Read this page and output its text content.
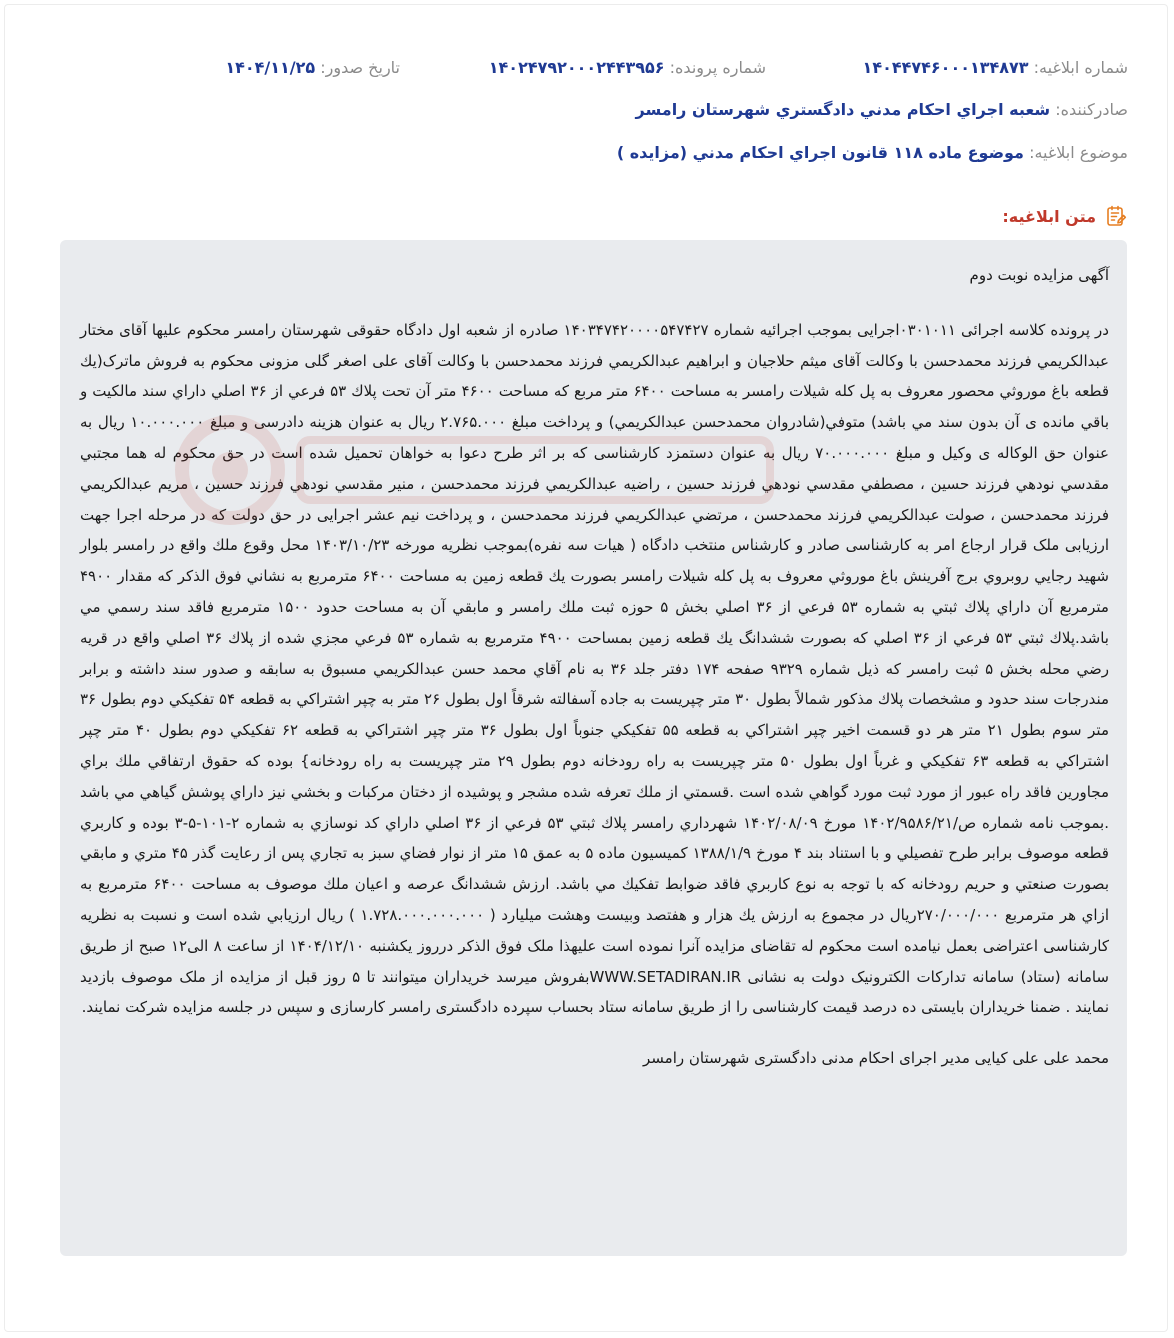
شماره ابلاغيه: ۱۴۰۴۴۷۴۶۰۰۰۱۳۴۸۷۳
شماره پرونده: ۱۴۰۲۴۷۹۲۰۰۰۲۴۴۳۹۵۶
تاريخ صدور: ۱۴۰۴/۱۱/۲۵
صادرکننده: شعبه اجراي احكام مدني دادگستري شهرستان رامسر
موضوع ابلاغيه: موضوع ماده ۱۱۸ قانون اجراي احكام مدني (مزايده )
متن ابلاغيه:

آگهی مزایده نوبت دوم

در پرونده کلاسه اجرائی ۰۳۰۱۰۱۱اجرایی بموجب اجرائیه شماره ۱۴۰۳۴۷۴۲۰۰۰۰۵۴۷۴۲۷ صادره از شعبه اول دادگاه حقوقی شهرستان رامسر محکوم علیها آقای مختار عبدالکريمي فرزند محمدحسن با وکالت آقای میثم حلاجیان و ابراهیم عبدالکريمي فرزند محمدحسن با وکالت آقای علی اصغر گلی مزونی محکوم به فروش ماترک(يك قطعه باغ موروثي محصور معروف به پل كله شيلات رامسر به مساحت ۶۴۰۰ متر مربع كه مساحت ۴۶۰۰ متر آن تحت پلاك ۵۳ فرعي از ۳۶ اصلي داراي سند مالكيت و باقي مانده ی آن بدون سند مي باشد) متوفي(شادروان محمدحسن عبدالکريمي) و پرداخت مبلغ ۲.۷۶۵.۰۰۰ ريال به عنوان هزينه دادرسی و مبلغ ۱۰.۰۰۰.۰۰۰ ريال به عنوان حق الوکاله ی وکيل و مبلغ ۷۰.۰۰۰.۰۰۰ ريال به عنوان دستمزد کارشناسی که بر اثر طرح دعوا به خواهان تحمیل شده است در حق محکوم له هما مجتبي مقدسي نودهي فرزند حسين ، مصطفي مقدسي نودهي فرزند حسين ، راضيه عبدالكريمي فرزند محمدحسن ، منير مقدسي نودهي فرزند حسين ، مريم عبدالكريمي فرزند محمدحسن ، صولت عبدالكريمي فرزند محمدحسن ، مرتضي عبدالكريمي فرزند محمدحسن ، و پرداخت نیم عشر اجرایی در حق دولت که در مرحله اجرا جهت ارزیابی ملک قرار ارجاع امر به کارشناسی صادر و کارشناس منتخب دادگاه ( هیات سه نفره)بموجب نظریه مورخه ۱۴۰۳/۱۰/۲۳ محل وقوع ملك واقع در رامسر بلوار شهيد رجايي روبروي برج آفرينش باغ موروثي معروف به پل كله شيلات رامسر بصورت يك قطعه زمين به مساحت ۶۴۰۰ مترمربع به نشاني فوق الذكر كه مقدار ۴۹۰۰ مترمربع آن داراي پلاك ثبتي به شماره ۵۳ فرعي از ۳۶ اصلي بخش ۵ حوزه ثبت ملك رامسر و مابقي آن به مساحت حدود ۱۵۰۰ مترمربع فاقد سند رسمي مي باشد.پلاك ثبتي ۵۳ فرعي از ۳۶ اصلي كه بصورت ششدانگ يك قطعه زمين بمساحت ۴۹۰۰ مترمربع به شماره ۵۳ فرعي مجزي شده از پلاك ۳۶ اصلي واقع در قريه رضي محله بخش ۵ ثبت رامسر كه ذيل شماره ۹۳۲۹ صفحه ۱۷۴ دفتر جلد ۳۶ به نام آقاي محمد حسن عبدالكريمي مسبوق به سابقه و صدور سند داشته و برابر مندرجات سند حدود و مشخصات پلاك مذكور شمالاً بطول ۳۰ متر چپريست به جاده آسفالته شرقاً اول بطول ۲۶ متر به چپر اشتراكي به قطعه ۵۴ تفكيكي دوم بطول ۳۶ متر سوم بطول ۲۱ متر هر دو قسمت اخير چپر اشتراكي به قطعه ۵۵ تفكيكي جنوباً اول بطول ۳۶ متر چپر اشتراكي به قطعه ۶۲ تفكيكي دوم بطول ۴۰ متر چپر اشتراكي به قطعه ۶۳ تفكيكي و غرباً اول بطول ۵۰ متر چپريست به راه رودخانه دوم بطول ۲۹ متر چپريست به راه رودخانه} بوده كه حقوق ارتفاقي ملك براي مجاورين فاقد راه عبور از مورد ثبت مورد گواهي شده است .قسمتي از ملك تعرفه شده مشجر و پوشيده از دختان مركبات و بخشي نيز داراي پوشش گياهي مي باشد .بموجب نامه شماره ص/۱۴۰۲/۹۵۸۶/۲۱ مورخ ۱۴۰۲/۰۸/۰۹ شهرداري رامسر پلاك ثبتي ۵۳ فرعي از ۳۶ اصلي داراي كد نوسازي به شماره ۲-۱۰۱-۵-۳ بوده و كاربري قطعه موصوف برابر طرح تفصيلي و با استناد بند ۴ مورخ ۱۳۸۸/۱/۹ كميسيون ماده ۵ به عمق ۱۵ متر از نوار فضاي سبز به تجاري پس از رعايت گذر ۴۵ متري و مابقي بصورت صنعتي و حريم رودخانه كه با توجه به نوع كاربري فاقد ضوابط تفكيك مي باشد. ارزش ششدانگ عرصه و اعيان ملك موصوف به مساحت ۶۴۰۰ مترمربع به ازاي هر مترمربع ۲۷۰/۰۰۰/۰۰۰ريال در مجموع به ارزش يك هزار و هفتصد وبيست وهشت ميليارد ( ۱.۷۲۸.۰۰۰.۰۰۰.۰۰۰ ) ريال ارزيابي شده است و نسبت به نظریه کارشناسی اعتراضی بعمل نیامده است محکوم له تقاضای مزایده آنرا نموده است علیهذا ملک فوق الذکر درروز يكشنبه ۱۴۰۴/۱۲/۱۰ از ساعت ۸ الی۱۲ صبح از طریق سامانه (ستاد) سامانه تدارکات الکترونیک دولت به نشانی WWW.SETADIRAN.IRبفروش میرسد خریداران میتوانند تا ۵ روز قبل از مزایده از ملک موصوف بازدید نمایند . ضمنا خریداران بایستی ده درصد قیمت کارشناسی را از طریق سامانه ستاد بحساب سپرده دادگستری رامسر کارسازی و سپس در جلسه مزایده شرکت نمایند.

محمد علی علی کیایی مدیر اجرای احکام مدنی دادگستری شهرستان رامسر
